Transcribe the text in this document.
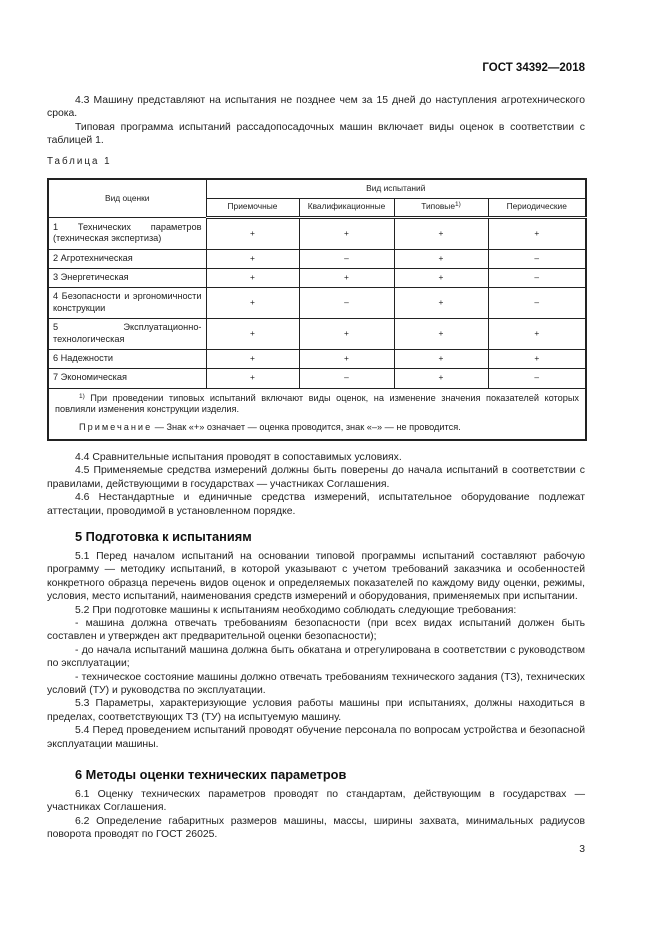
ГОСТ 34392—2018

4.3 Машину представляют на испытания не позднее чем за 15 дней до наступления агротехнического срока.

Типовая программа испытаний рассадопосадочных машин включает виды оценок в соответствии с таблицей 1.

Таблица 1
Вид оценки	Вид испытаний			
	Приемочные	Квалификационные	Типовые$^{1)}$	Периодические
1 Технических параметров (техническая экспертиза)	+	+	+	+
2 Агротехническая	+	–	+	–
3 Энергетическая	+	+	+	–
4 Безопасности и эргономичности конструкции	+	–	+	–
5 Эксплуатационно-технологическая	+	+	+	+
6 Надежности	+	+	+	+
7 Экономическая	+	–	+	–

$^{1)}$ При проведении типовых испытаний включают виды оценок, на изменение значения показателей которых повлияли изменения конструкции изделия.

Примечание — Знак «+» означает — оценка проводится, знак «–» — не проводится.				

4.4 Сравнительные испытания проводят в сопоставимых условиях.

4.5 Применяемые средства измерений должны быть поверены до начала испытаний в соответствии с правилами, действующими в государствах — участниках Соглашения.

4.6 Нестандартные и единичные средства измерений, испытательное оборудование подлежат аттестации, проводимой в установленном порядке.

5 Подготовка к испытаниям

5.1 Перед началом испытаний на основании типовой программы испытаний составляют рабочую программу — методику испытаний, в которой указывают с учетом требований заказчика и особенностей конкретного образца перечень видов оценок и определяемых показателей по каждому виду оценки, режимы, условия, место испытаний, наименования средств измерений и оборудования, применяемых при испытании.

5.2 При подготовке машины к испытаниям необходимо соблюдать следующие требования:

- машина должна отвечать требованиям безопасности (при всех видах испытаний должен быть составлен и утвержден акт предварительной оценки безопасности);

- до начала испытаний машина должна быть обкатана и отрегулирована в соответствии с руководством по эксплуатации;

- техническое состояние машины должно отвечать требованиям технического задания (ТЗ), технических условий (ТУ) и руководства по эксплуатации.

5.3 Параметры, характеризующие условия работы машины при испытаниях, должны находиться в пределах, соответствующих ТЗ (ТУ) на испытуемую машину.

5.4 Перед проведением испытаний проводят обучение персонала по вопросам устройства и безопасной эксплуатации машины.

6 Методы оценки технических параметров

6.1 Оценку технических параметров проводят по стандартам, действующим в государствах — участниках Соглашения.

6.2 Определение габаритных размеров машины, массы, ширины захвата, минимальных радиусов поворота проводят по ГОСТ 26025.

3
